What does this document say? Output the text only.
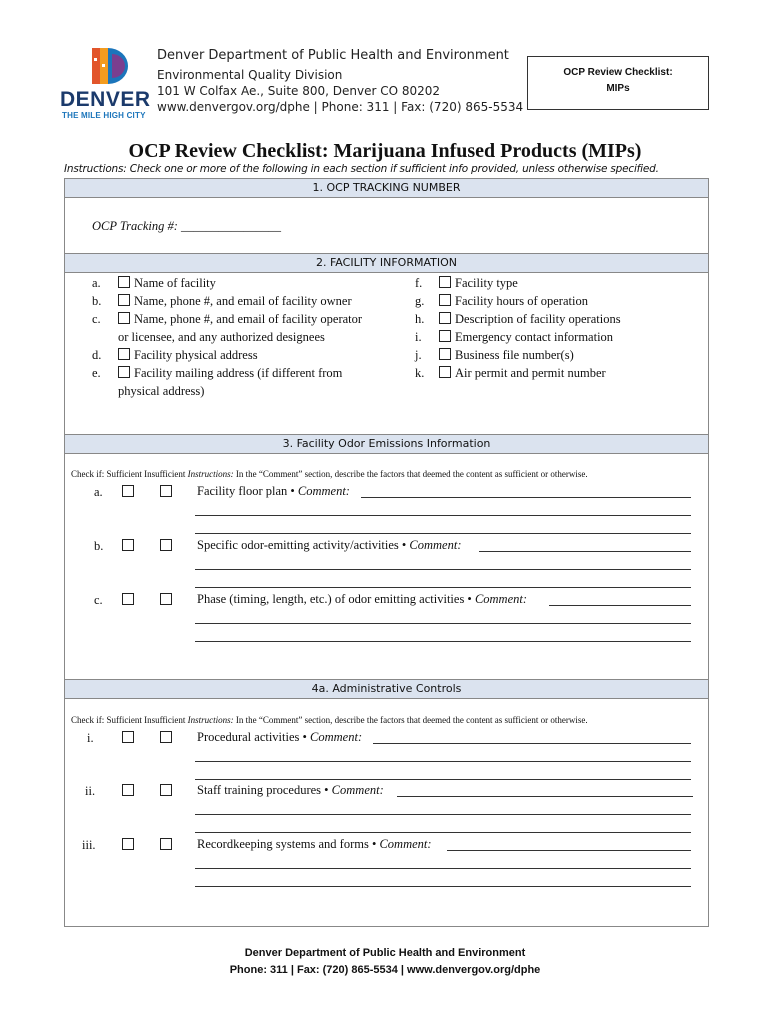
DENVER
THE MILE HIGH CITY
Denver Department of Public Health and Environment
Environmental Quality Division
101 W Colfax Ae., Suite 800, Denver CO 80202
www.denvergov.org/dphe | Phone: 311 | Fax: (720) 865-5534
OCP Review Checklist:
MIPs
OCP Review Checklist: Marijuana Infused Products (MIPs)
Instructions: Check one or more of the following in each section if sufficient info provided, unless otherwise specified.
1. OCP TRACKING NUMBER
OCP Tracking #: ________________
2. FACILITY INFORMATION
a.	Name of facility
b.	Name, phone #, and email of facility owner
c.	Name, phone #, and email of facility operator
or licensee, and any authorized designees
d.	Facility physical address
e.	Facility mailing address (if different from
physical address)
f.	Facility type
g.	Facility hours of operation
h.	Description of facility operations
i.	Emergency contact information
j.	Business file number(s)
k.	Air permit and permit number
3. Facility Odor Emissions Information
Check if: Sufficient Insufficient Instructions: In the “Comment” section, describe the factors that deemed the content as sufficient or otherwise.
a.	Facility floor plan • Comment:
b.	Specific odor-emitting activity/activities • Comment:
c.	Phase (timing, length, etc.) of odor emitting activities • Comment:
4a. Administrative Controls
Check if: Sufficient Insufficient Instructions: In the “Comment” section, describe the factors that deemed the content as sufficient or otherwise.
i.	Procedural activities • Comment:
ii.	Staff training procedures • Comment:
iii.	Recordkeeping systems and forms • Comment:
Denver Department of Public Health and Environment
Phone: 311 | Fax: (720) 865-5534 | www.denvergov.org/dphe
